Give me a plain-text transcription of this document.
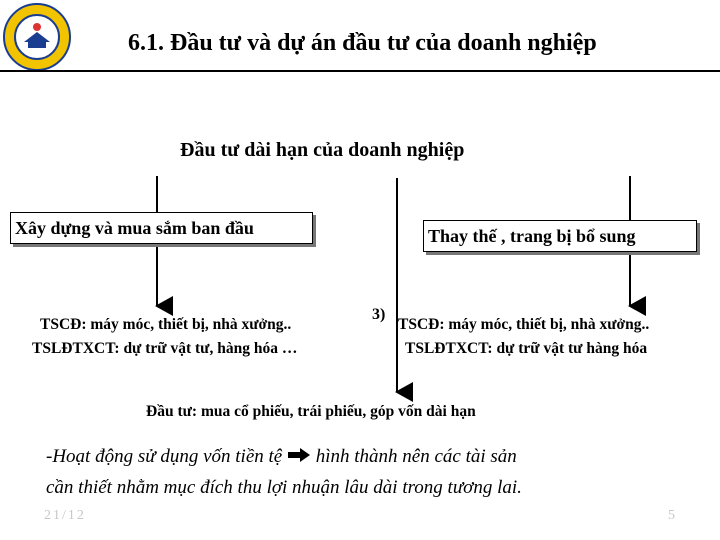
6.1. Đầu tư và dự án đầu tư của doanh nghiệp
Đầu tư dài hạn của doanh nghiệp
Xây dựng và mua sắm ban đầu	Thay thế , trang bị bổ sung
TSCĐ: máy móc, thiết bị, nhà xưởng..
TSLĐTXCT: dự trữ vật tư, hàng hóa …
3)
TSCĐ: máy móc, thiết bị, nhà xưởng..
TSLĐTXCT: dự trữ vật tư hàng hóa
Đầu tư: mua cổ phiếu, trái phiếu, góp vốn dài hạn
-Hoạt động sử dụng vốn tiền tệ hình thành nên các tài sản
cần thiết nhằm mục đích thu lợi nhuận lâu dài trong tương lai.
21/12	5
